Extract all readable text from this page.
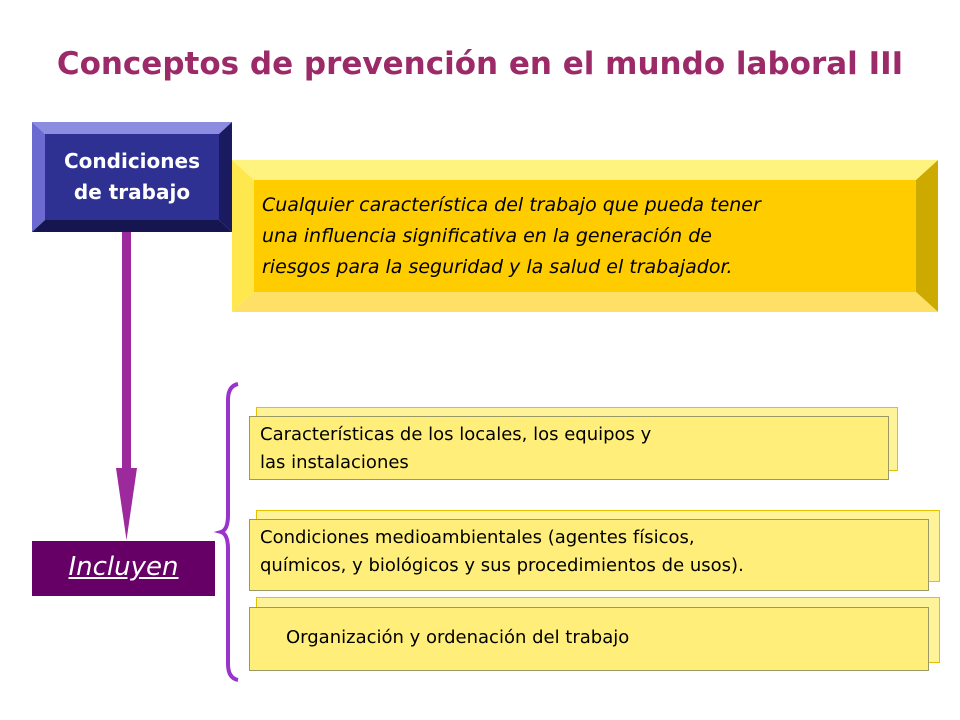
Conceptos de prevención en el mundo laboral III
Condiciones
de trabajo
Cualquier característica del trabajo que pueda tener
una influencia significativa en la generación de
riesgos para la seguridad y la salud el trabajador.
Incluyen
Características de los locales, los equipos y
las instalaciones
Condiciones medioambientales (agentes físicos,
químicos, y biológicos y sus procedimientos de usos).
Organización y ordenación del trabajo
